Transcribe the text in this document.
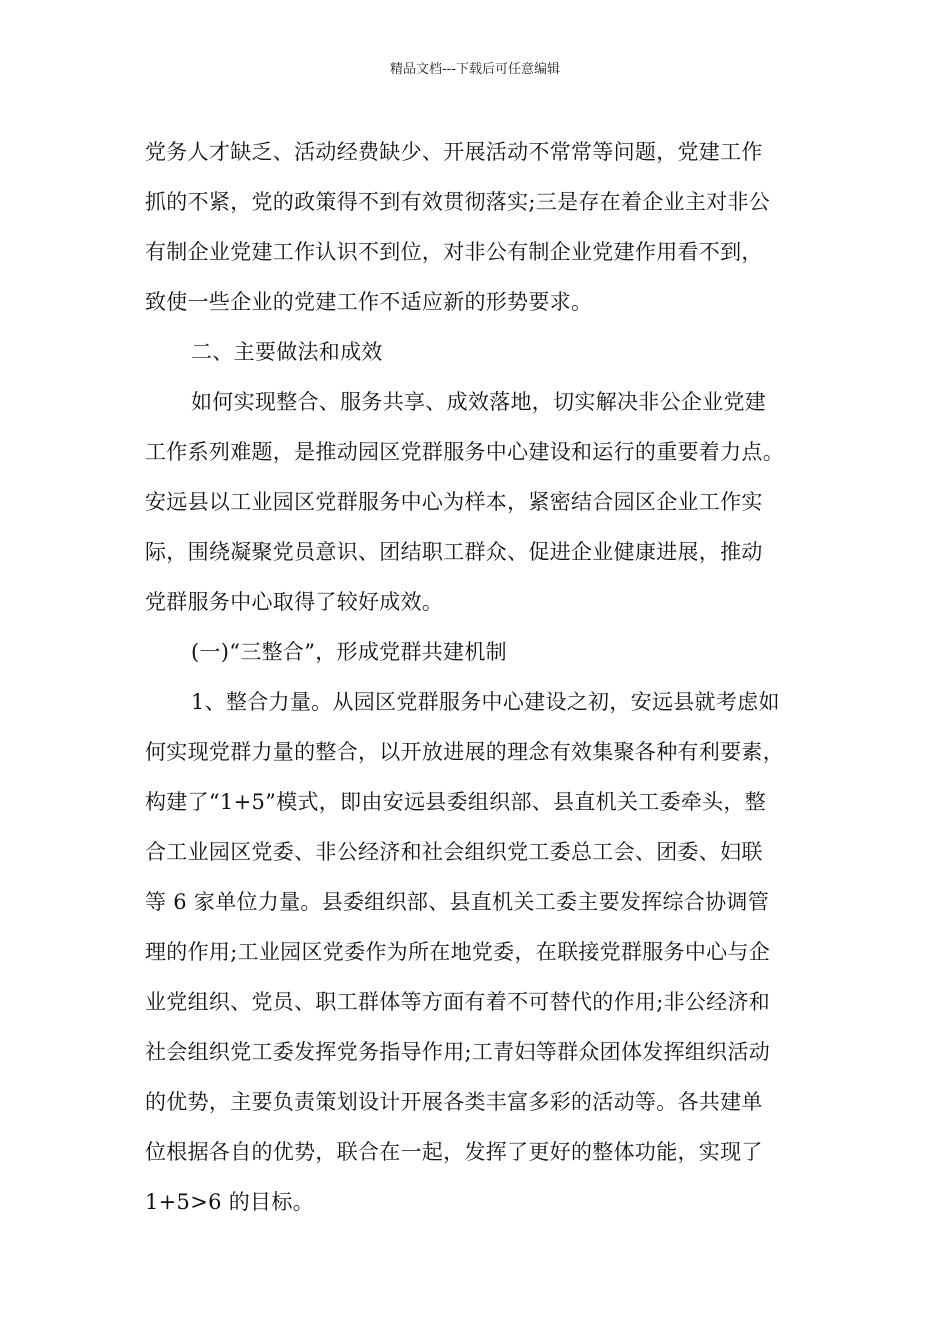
精品文档---下载后可任意编辑
党务人才缺乏、活动经费缺少、开展活动不常常等问题，党建工作
抓的不紧，党的政策得不到有效贯彻落实;三是存在着企业主对非公
有制企业党建工作认识不到位，对非公有制企业党建作用看不到，
致使一些企业的党建工作不适应新的形势要求。
二、主要做法和成效
如何实现整合、服务共享、成效落地，切实解决非公企业党建
工作系列难题，是推动园区党群服务中心建设和运行的重要着力点。
安远县以工业园区党群服务中心为样本，紧密结合园区企业工作实
际，围绕凝聚党员意识、团结职工群众、促进企业健康进展，推动
党群服务中心取得了较好成效。
(一)“三整合”，形成党群共建机制
1、整合力量。从园区党群服务中心建设之初，安远县就考虑如
何实现党群力量的整合，以开放进展的理念有效集聚各种有利要素，
构建了“1+5”模式，即由安远县委组织部、县直机关工委牵头，整
合工业园区党委、非公经济和社会组织党工委总工会、团委、妇联
等 6 家单位力量。县委组织部、县直机关工委主要发挥综合协调管
理的作用;工业园区党委作为所在地党委，在联接党群服务中心与企
业党组织、党员、职工群体等方面有着不可替代的作用;非公经济和
社会组织党工委发挥党务指导作用;工青妇等群众团体发挥组织活动
的优势，主要负责策划设计开展各类丰富多彩的活动等。各共建单
位根据各自的优势，联合在一起，发挥了更好的整体功能，实现了
1+5>6 的目标。
